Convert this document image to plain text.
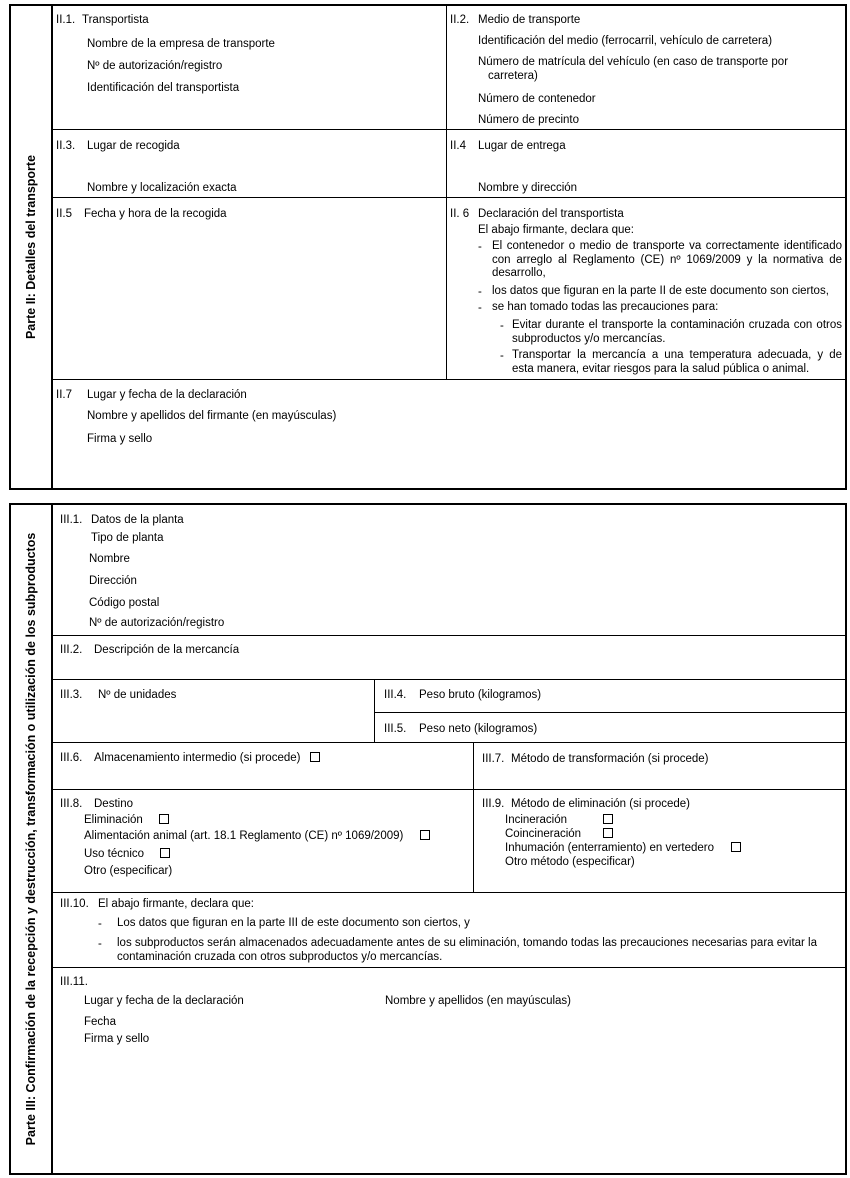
Parte II: Detalles del transporte
II.1. Transportista
Nombre de la empresa de transporte
Nº de autorización/registro
Identificación del transportista
II.2. Medio de transporte
Identificación del medio (ferrocarril, vehículo de carretera)
Número de matrícula del vehículo (en caso de transporte por
carretera)
Número de contenedor
Número de precinto
II.3. Lugar de recogida
Nombre y localización exacta
II.4 Lugar de entrega
Nombre y dirección
II.5 Fecha y hora de la recogida	II. 6 Declaración del transportista
El abajo firmante, declara que:
- El contenedor o medio de transporte va correctamente identificado con arreglo al Reglamento (CE) nº 1069/2009 y la normativa de desarrollo,
- los datos que figuran en la parte II de este documento son ciertos,
- se han tomado todas las precauciones para:
- Evitar durante el transporte la contaminación cruzada con otros subproductos y/o mercancías.
- Transportar la mercancía a una temperatura adecuada, y de esta manera, evitar riesgos para la salud pública o animal.
II.7 Lugar y fecha de la declaración
Nombre y apellidos del firmante (en mayúsculas)
Firma y sello
Parte III: Confirmación de la recepción y destrucción, transformación o utilización de los subproductos
III.1. Datos de la planta
Tipo de planta
Nombre
Dirección
Código postal
Nº de autorización/registro
III.2. Descripción de la mercancía
III.3. Nº de unidades	III.4. Peso bruto (kilogramos)
III.5. Peso neto (kilogramos)
III.6. Almacenamiento intermedio (si procede)	III.7. Método de transformación (si procede)
III.8. Destino
Eliminación
Alimentación animal (art. 18.1 Reglamento (CE) nº 1069/2009)
Uso técnico
Otro (especificar)
III.9. Método de eliminación (si procede)
Incineración
Coincineración
Inhumación (enterramiento) en vertedero
Otro método (especificar)
III.10. El abajo firmante, declara que:
- Los datos que figuran en la parte III de este documento son ciertos, y
- los subproductos serán almacenados adecuadamente antes de su eliminación, tomando todas las precauciones necesarias para evitar la contaminación cruzada con otros subproductos y/o mercancías.
III.11.
Lugar y fecha de la declaración	Nombre y apellidos (en mayúsculas)
Fecha
Firma y sello
